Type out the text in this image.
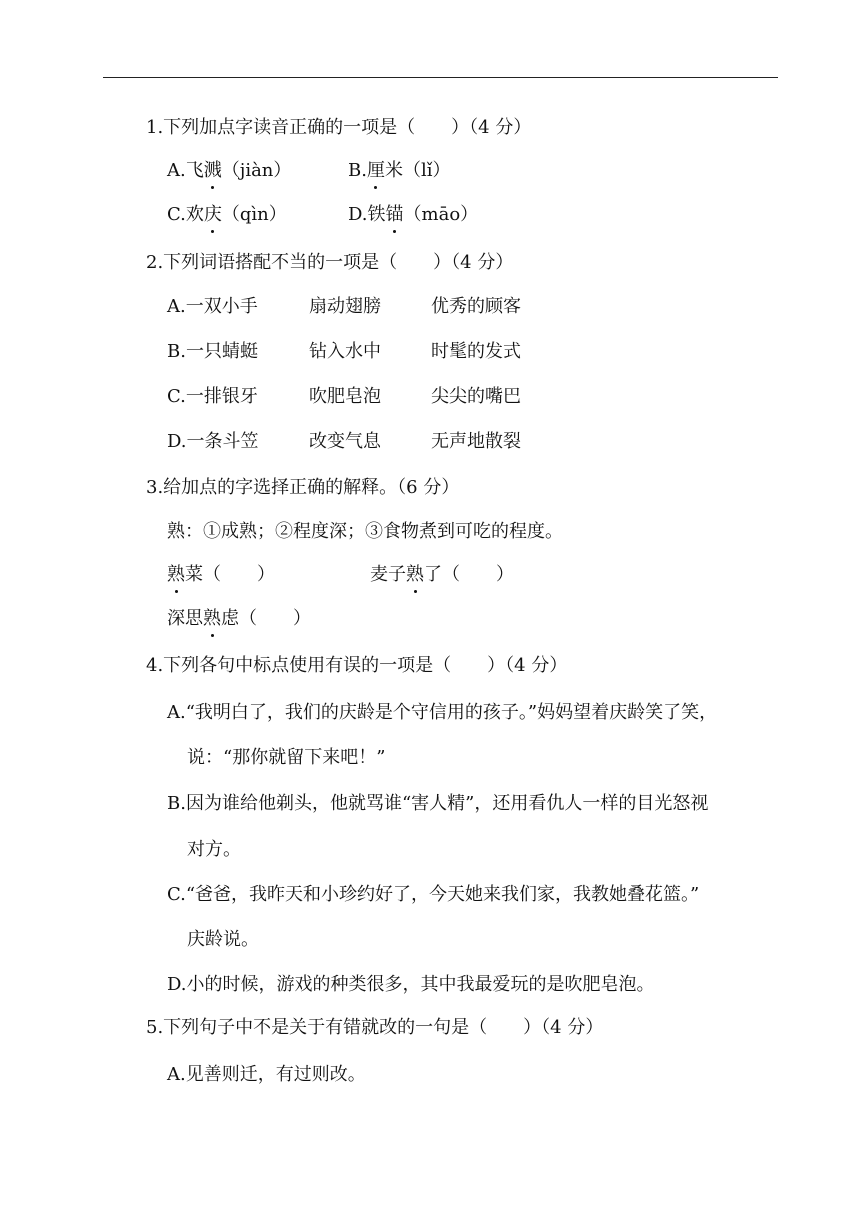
1.下列加点字读音正确的一项是（　　）（4 分）
A.飞溅（jiàn）	B.厘米（lǐ）
C.欢庆（qìn）	D.铁锚（māo）
2.下列词语搭配不当的一项是（　　）（4 分）
A.一双小手	扇动翅膀	优秀的顾客
B.一只蜻蜓	钻入水中	时髦的发式
C.一排银牙	吹肥皂泡	尖尖的嘴巴
D.一条斗笠	改变气息	无声地散裂
3.给加点的字选择正确的解释。（6 分）
熟：①成熟；②程度深；③食物煮到可吃的程度。
熟菜（　　）	麦子熟了（　　）
深思熟虑（　　）
4.下列各句中标点使用有误的一项是（　　）（4 分）
A.“我明白了，我们的庆龄是个守信用的孩子。”妈妈望着庆龄笑了笑，
说：“那你就留下来吧！”
B.因为谁给他剃头，他就骂谁“害人精”，还用看仇人一样的目光怒视
对方。
C.“爸爸，我昨天和小珍约好了，今天她来我们家，我教她叠花篮。”
庆龄说。
D.小的时候，游戏的种类很多，其中我最爱玩的是吹肥皂泡。
5.下列句子中不是关于有错就改的一句是（　　）（4 分）
A.见善则迁，有过则改。
